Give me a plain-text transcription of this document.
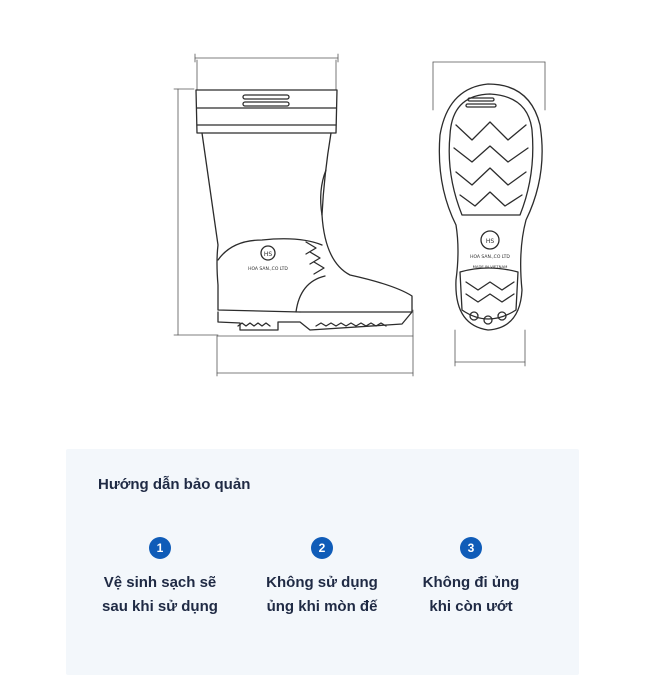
HS
HOA SAN.,CO LTD
HS
HOA SAN.,CO LTD
MADE IN VIETNAM
Hướng dẫn bảo quản
1
Vệ sinh sạch sẽ
sau khi sử dụng
2
Không sử dụng
ủng khi mòn đế
3
Không đi ủng
khi còn ướt
